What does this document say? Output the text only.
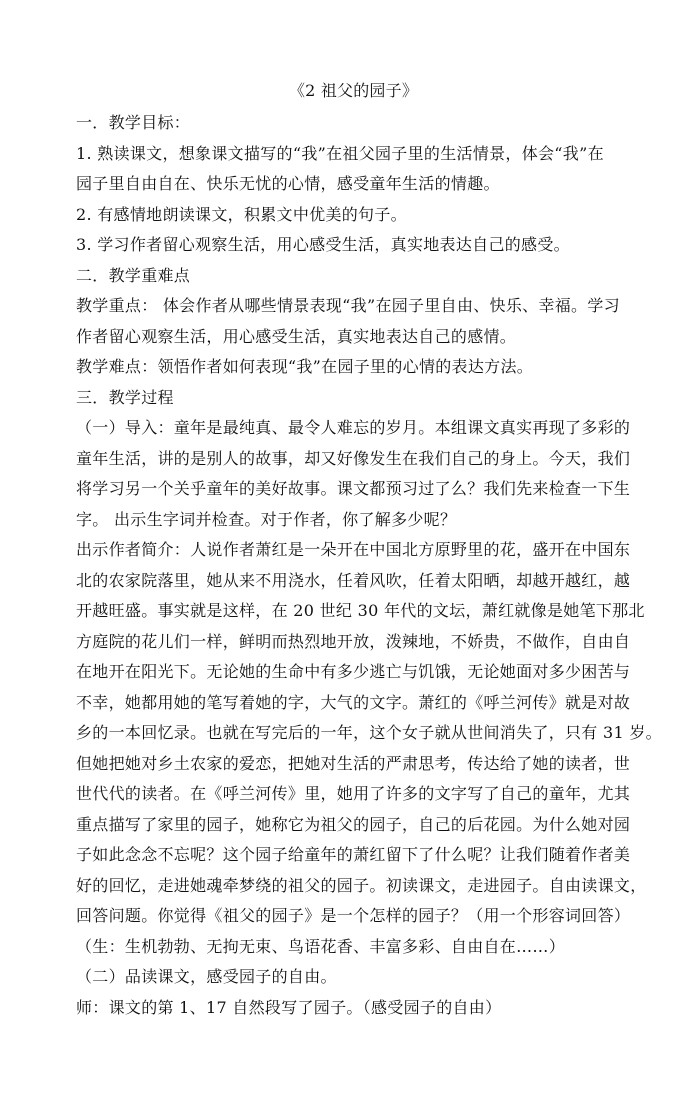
《2 祖父的园子》

一．教学目标：

1. 熟读课文，想象课文描写的“我”在祖父园子里的生活情景，体会“我”在

园子里自由自在、快乐无忧的心情，感受童年生活的情趣。

2. 有感情地朗读课文，积累文中优美的句子。

3. 学习作者留心观察生活，用心感受生活，真实地表达自己的感受。

二．教学重难点

教学重点： 体会作者从哪些情景表现“我”在园子里自由、快乐、幸福。学习

作者留心观察生活，用心感受生活，真实地表达自己的感情。

教学难点：领悟作者如何表现“我”在园子里的心情的表达方法。

三．教学过程

（一）导入：童年是最纯真、最令人难忘的岁月。本组课文真实再现了多彩的

童年生活，讲的是别人的故事，却又好像发生在我们自己的身上。今天，我们

将学习另一个关乎童年的美好故事。课文都预习过了么？我们先来检查一下生

字。 出示生字词并检查。对于作者，你了解多少呢？

出示作者简介：人说作者萧红是一朵开在中国北方原野里的花，盛开在中国东

北的农家院落里，她从来不用浇水，任着风吹，任着太阳晒，却越开越红，越

开越旺盛。事实就是这样，在 20 世纪 30 年代的文坛，萧红就像是她笔下那北

方庭院的花儿们一样，鲜明而热烈地开放，泼辣地，不娇贵，不做作，自由自

在地开在阳光下。无论她的生命中有多少逃亡与饥饿，无论她面对多少困苦与

不幸，她都用她的笔写着她的字，大气的文字。萧红的《呼兰河传》就是对故

乡的一本回忆录。也就在写完后的一年，这个女子就从世间消失了，只有 31 岁。

但她把她对乡土农家的爱恋，把她对生活的严肃思考，传达给了她的读者，世

世代代的读者。在《呼兰河传》里，她用了许多的文字写了自己的童年，尤其

重点描写了家里的园子，她称它为祖父的园子，自己的后花园。为什么她对园

子如此念念不忘呢？这个园子给童年的萧红留下了什么呢？让我们随着作者美

好的回忆，走进她魂牵梦绕的祖父的园子。初读课文，走进园子。自由读课文，

回答问题。你觉得《祖父的园子》是一个怎样的园子？（用一个形容词回答）

（生：生机勃勃、无拘无束、鸟语花香、丰富多彩、自由自在……）

（二）品读课文，感受园子的自由。

师：课文的第 1、17 自然段写了园子。（感受园子的自由）
